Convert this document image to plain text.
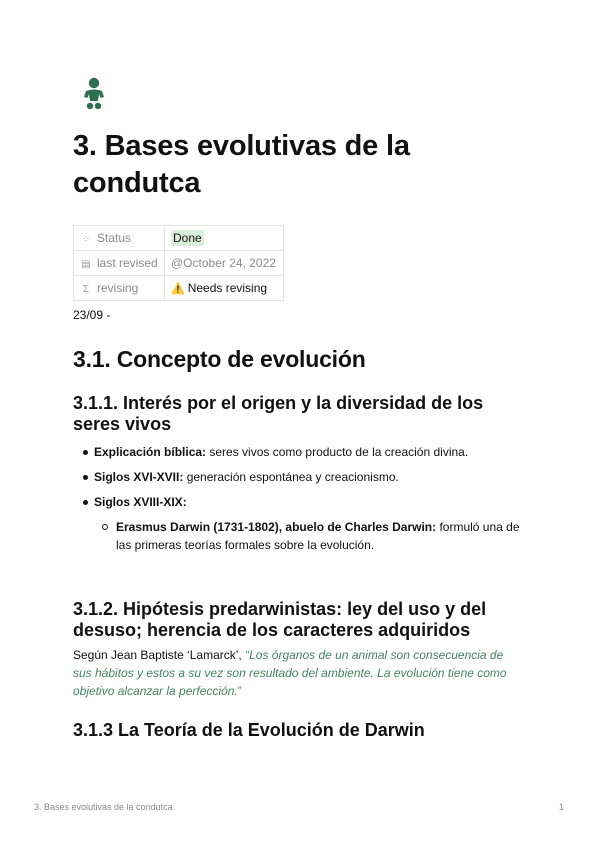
3. Bases evolutivas de la condutca
⁘ Status	Done
▤ last revised	@October 24, 2022
Σ revising	⚠️ Needs revising
23/09 -
3.1. Concepto de evolución
3.1.1. Interés por el origen y la diversidad de los seres vivos
Explicación bíblica: seres vivos como producto de la creación divina.
Siglos XVI-XVII: generación espontánea y creacionismo.
Siglos XVIII-XIX:
Erasmus Darwin (1731-1802), abuelo de Charles Darwin: formuló una de las primeras teorías formales sobre la evolución.
3.1.2. Hipótesis predarwinistas: ley del uso y del desuso; herencia de los caracteres adquiridos
Según Jean Baptiste ‘Lamarck’, “Los órganos de un animal son consecuencia de sus hábitos y estos a su vez son resultado del ambiente. La evolución tiene como objetivo alcanzar la perfección.”
3.1.3 La Teoría de la Evolución de Darwin
3. Bases evolutivas de la condutca	1
